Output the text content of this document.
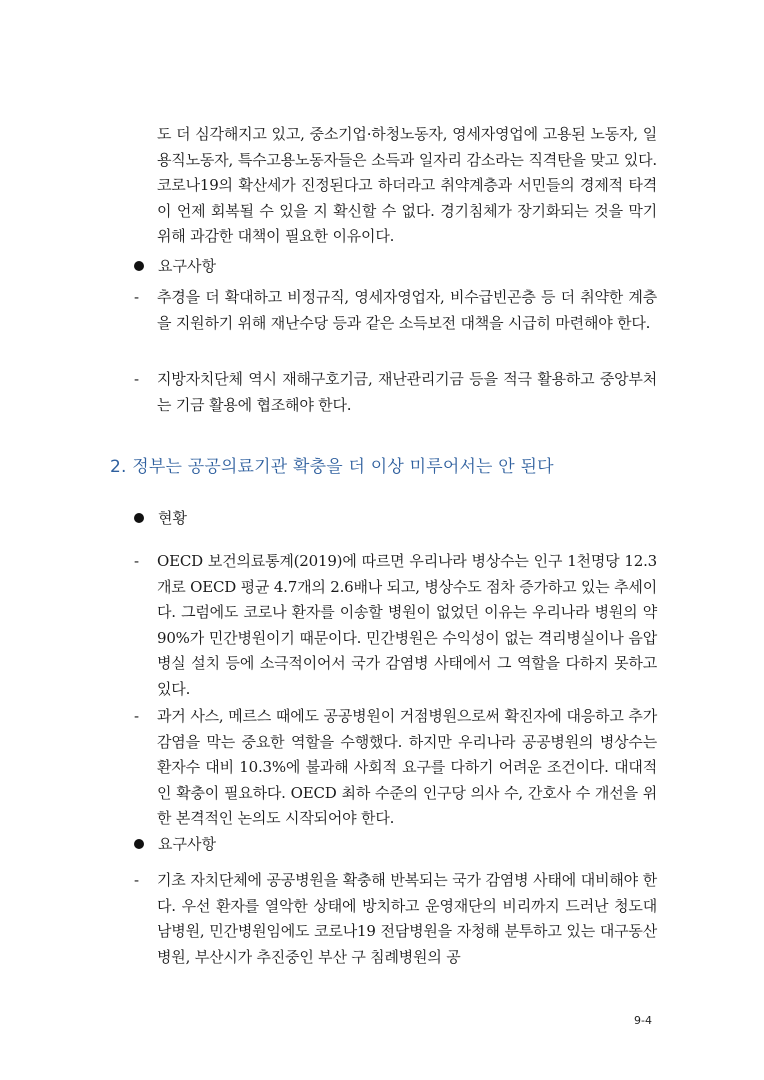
도 더 심각해지고 있고, 중소기업·하청노동자, 영세자영업에 고용된 노동자, 일용직노동자, 특수고용노동자들은 소득과 일자리 감소라는 직격탄을 맞고 있다. 코로나19의 확산세가 진정된다고 하더라고 취약계층과 서민들의 경제적 타격이 언제 회복될 수 있을 지 확신할 수 없다. 경기침체가 장기화되는 것을 막기 위해 과감한 대책이 필요한 이유이다.

요구사항
-	추경을 더 확대하고 비정규직, 영세자영업자, 비수급빈곤층 등 더 취약한 계층을 지원하기 위해 재난수당 등과 같은 소득보전 대책을 시급히 마련해야 한다.
-	지방자치단체 역시 재해구호기금, 재난관리기금 등을 적극 활용하고 중앙부처는 기금 활용에 협조해야 한다.
2. 정부는 공공의료기관 확충을 더 이상 미루어서는 안 된다
현황
-	OECD 보건의료통계(2019)에 따르면 우리나라 병상수는 인구 1천명당 12.3개로 OECD 평균 4.7개의 2.6배나 되고, 병상수도 점차 증가하고 있는 추세이다. 그럼에도 코로나 환자를 이송할 병원이 없었던 이유는 우리나라 병원의 약 90%가 민간병원이기 때문이다. 민간병원은 수익성이 없는 격리병실이나 음압병실 설치 등에 소극적이어서 국가 감염병 사태에서 그 역할을 다하지 못하고 있다.
-	과거 사스, 메르스 때에도 공공병원이 거점병원으로써 확진자에 대응하고 추가 감염을 막는 중요한 역할을 수행했다. 하지만 우리나라 공공병원의 병상수는 환자수 대비 10.3%에 불과해 사회적 요구를 다하기 어려운 조건이다. 대대적인 확충이 필요하다. OECD 최하 수준의 인구당 의사 수, 간호사 수 개선을 위한 본격적인 논의도 시작되어야 한다.
요구사항
-	기초 자치단체에 공공병원을 확충해 반복되는 국가 감염병 사태에 대비해야 한다. 우선 환자를 열악한 상태에 방치하고 운영재단의 비리까지 드러난 청도대남병원, 민간병원임에도 코로나19 전담병원을 자청해 분투하고 있는 대구동산병원, 부산시가 추진중인 부산 구 침례병원의 공
9-4
